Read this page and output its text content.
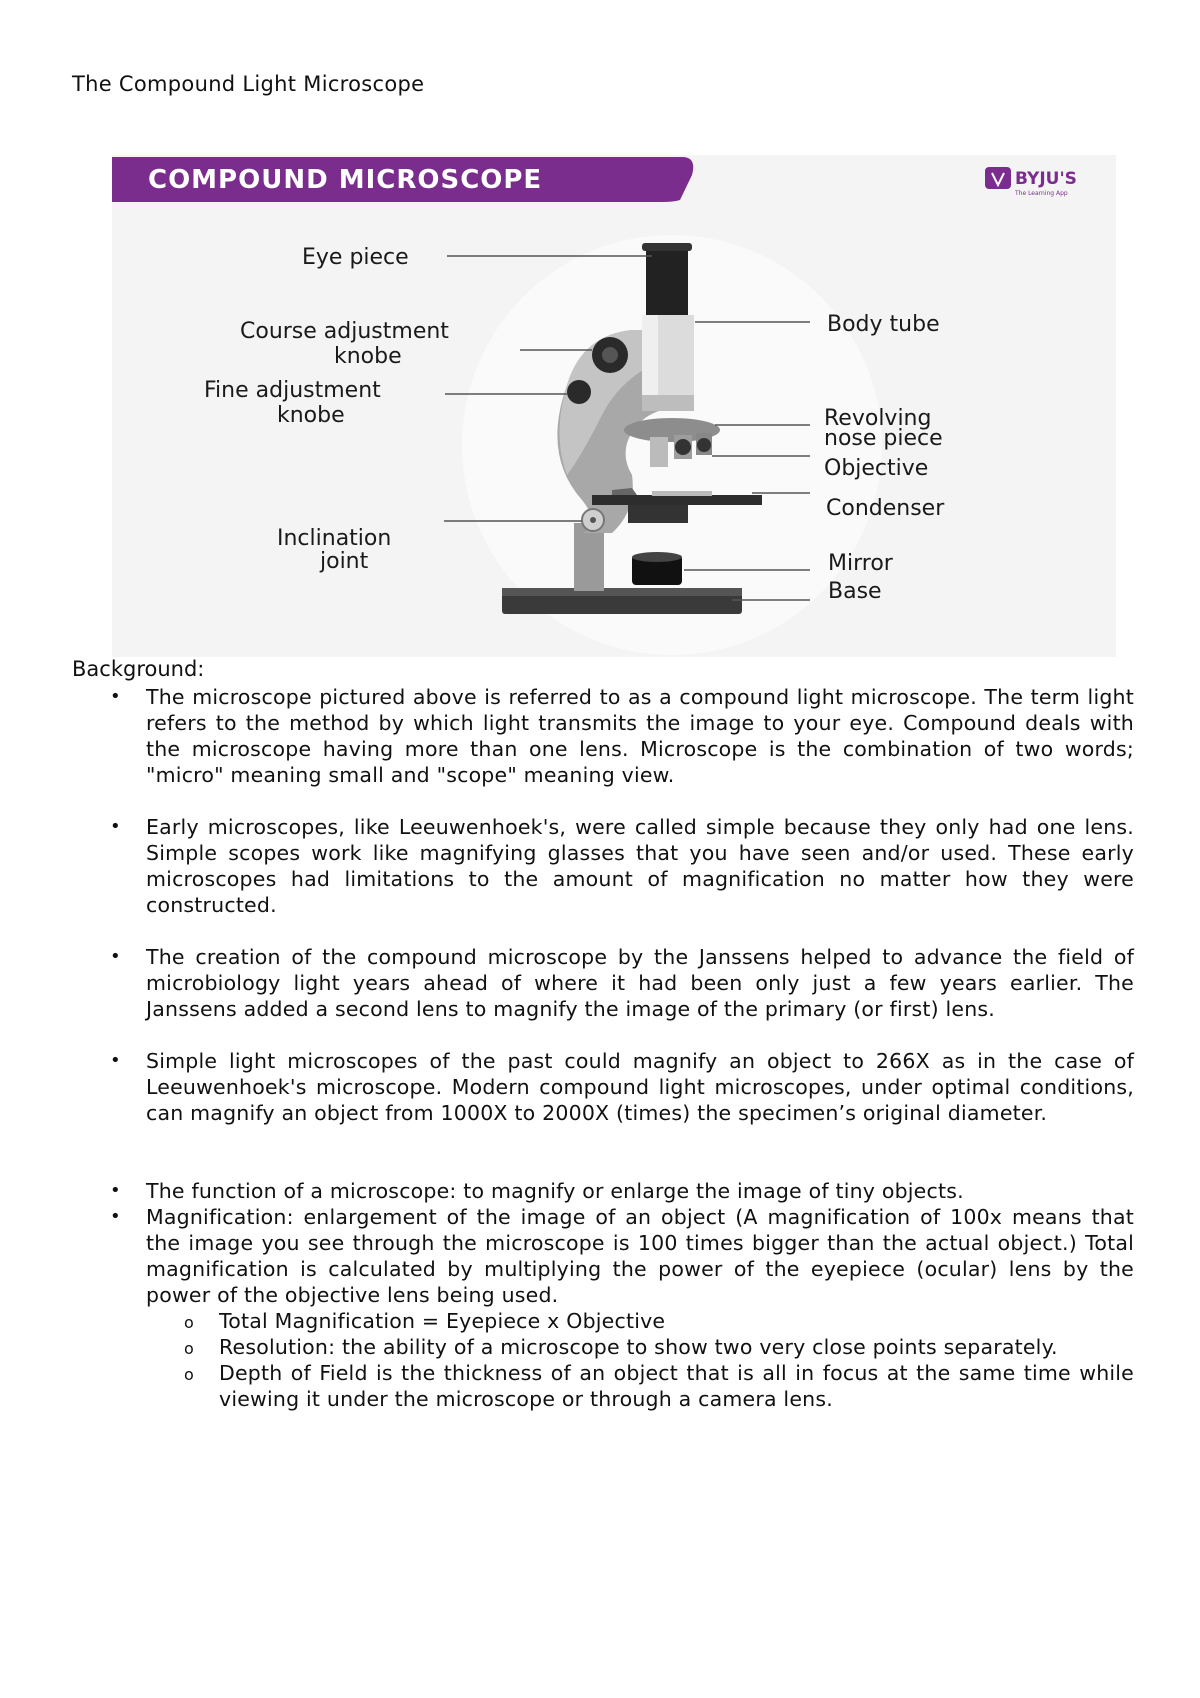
The Compound Light Microscope
COMPOUND MICROSCOPE	BYJU'S
The Learning App
Eye piece
Course adjustment
knobe
Fine adjustment
knobe
Inclination
joint
Body tube
Revolving
nose piece
Objective
Condenser
Mirror
Base
Background:
• The microscope pictured above is referred to as a compound light microscope. The term light refers to the method by which light transmits the image to your eye. Compound deals with the microscope having more than one lens. Microscope is the combination of two words; "micro" meaning small and "scope" meaning view.
• Early microscopes, like Leeuwenhoek's, were called simple because they only had one lens. Simple scopes work like magnifying glasses that you have seen and/or used. These early microscopes had limitations to the amount of magnification no matter how they were constructed.
• The creation of the compound microscope by the Janssens helped to advance the field of microbiology light years ahead of where it had been only just a few years earlier. The Janssens added a second lens to magnify the image of the primary (or first) lens.
• Simple light microscopes of the past could magnify an object to 266X as in the case of Leeuwenhoek's microscope. Modern compound light microscopes, under optimal conditions, can magnify an object from 1000X to 2000X (times) the specimen’s original diameter.
• The function of a microscope: to magnify or enlarge the image of tiny objects.
• Magnification: enlargement of the image of an object (A magnification of 100x means that the image you see through the microscope is 100 times bigger than the actual object.) Total magnification is calculated by multiplying the power of the eyepiece (ocular) lens by the power of the objective lens being used.
o Total Magnification = Eyepiece x Objective
o Resolution: the ability of a microscope to show two very close points separately.
o Depth of Field is the thickness of an object that is all in focus at the same time while viewing it under the microscope or through a camera lens.
